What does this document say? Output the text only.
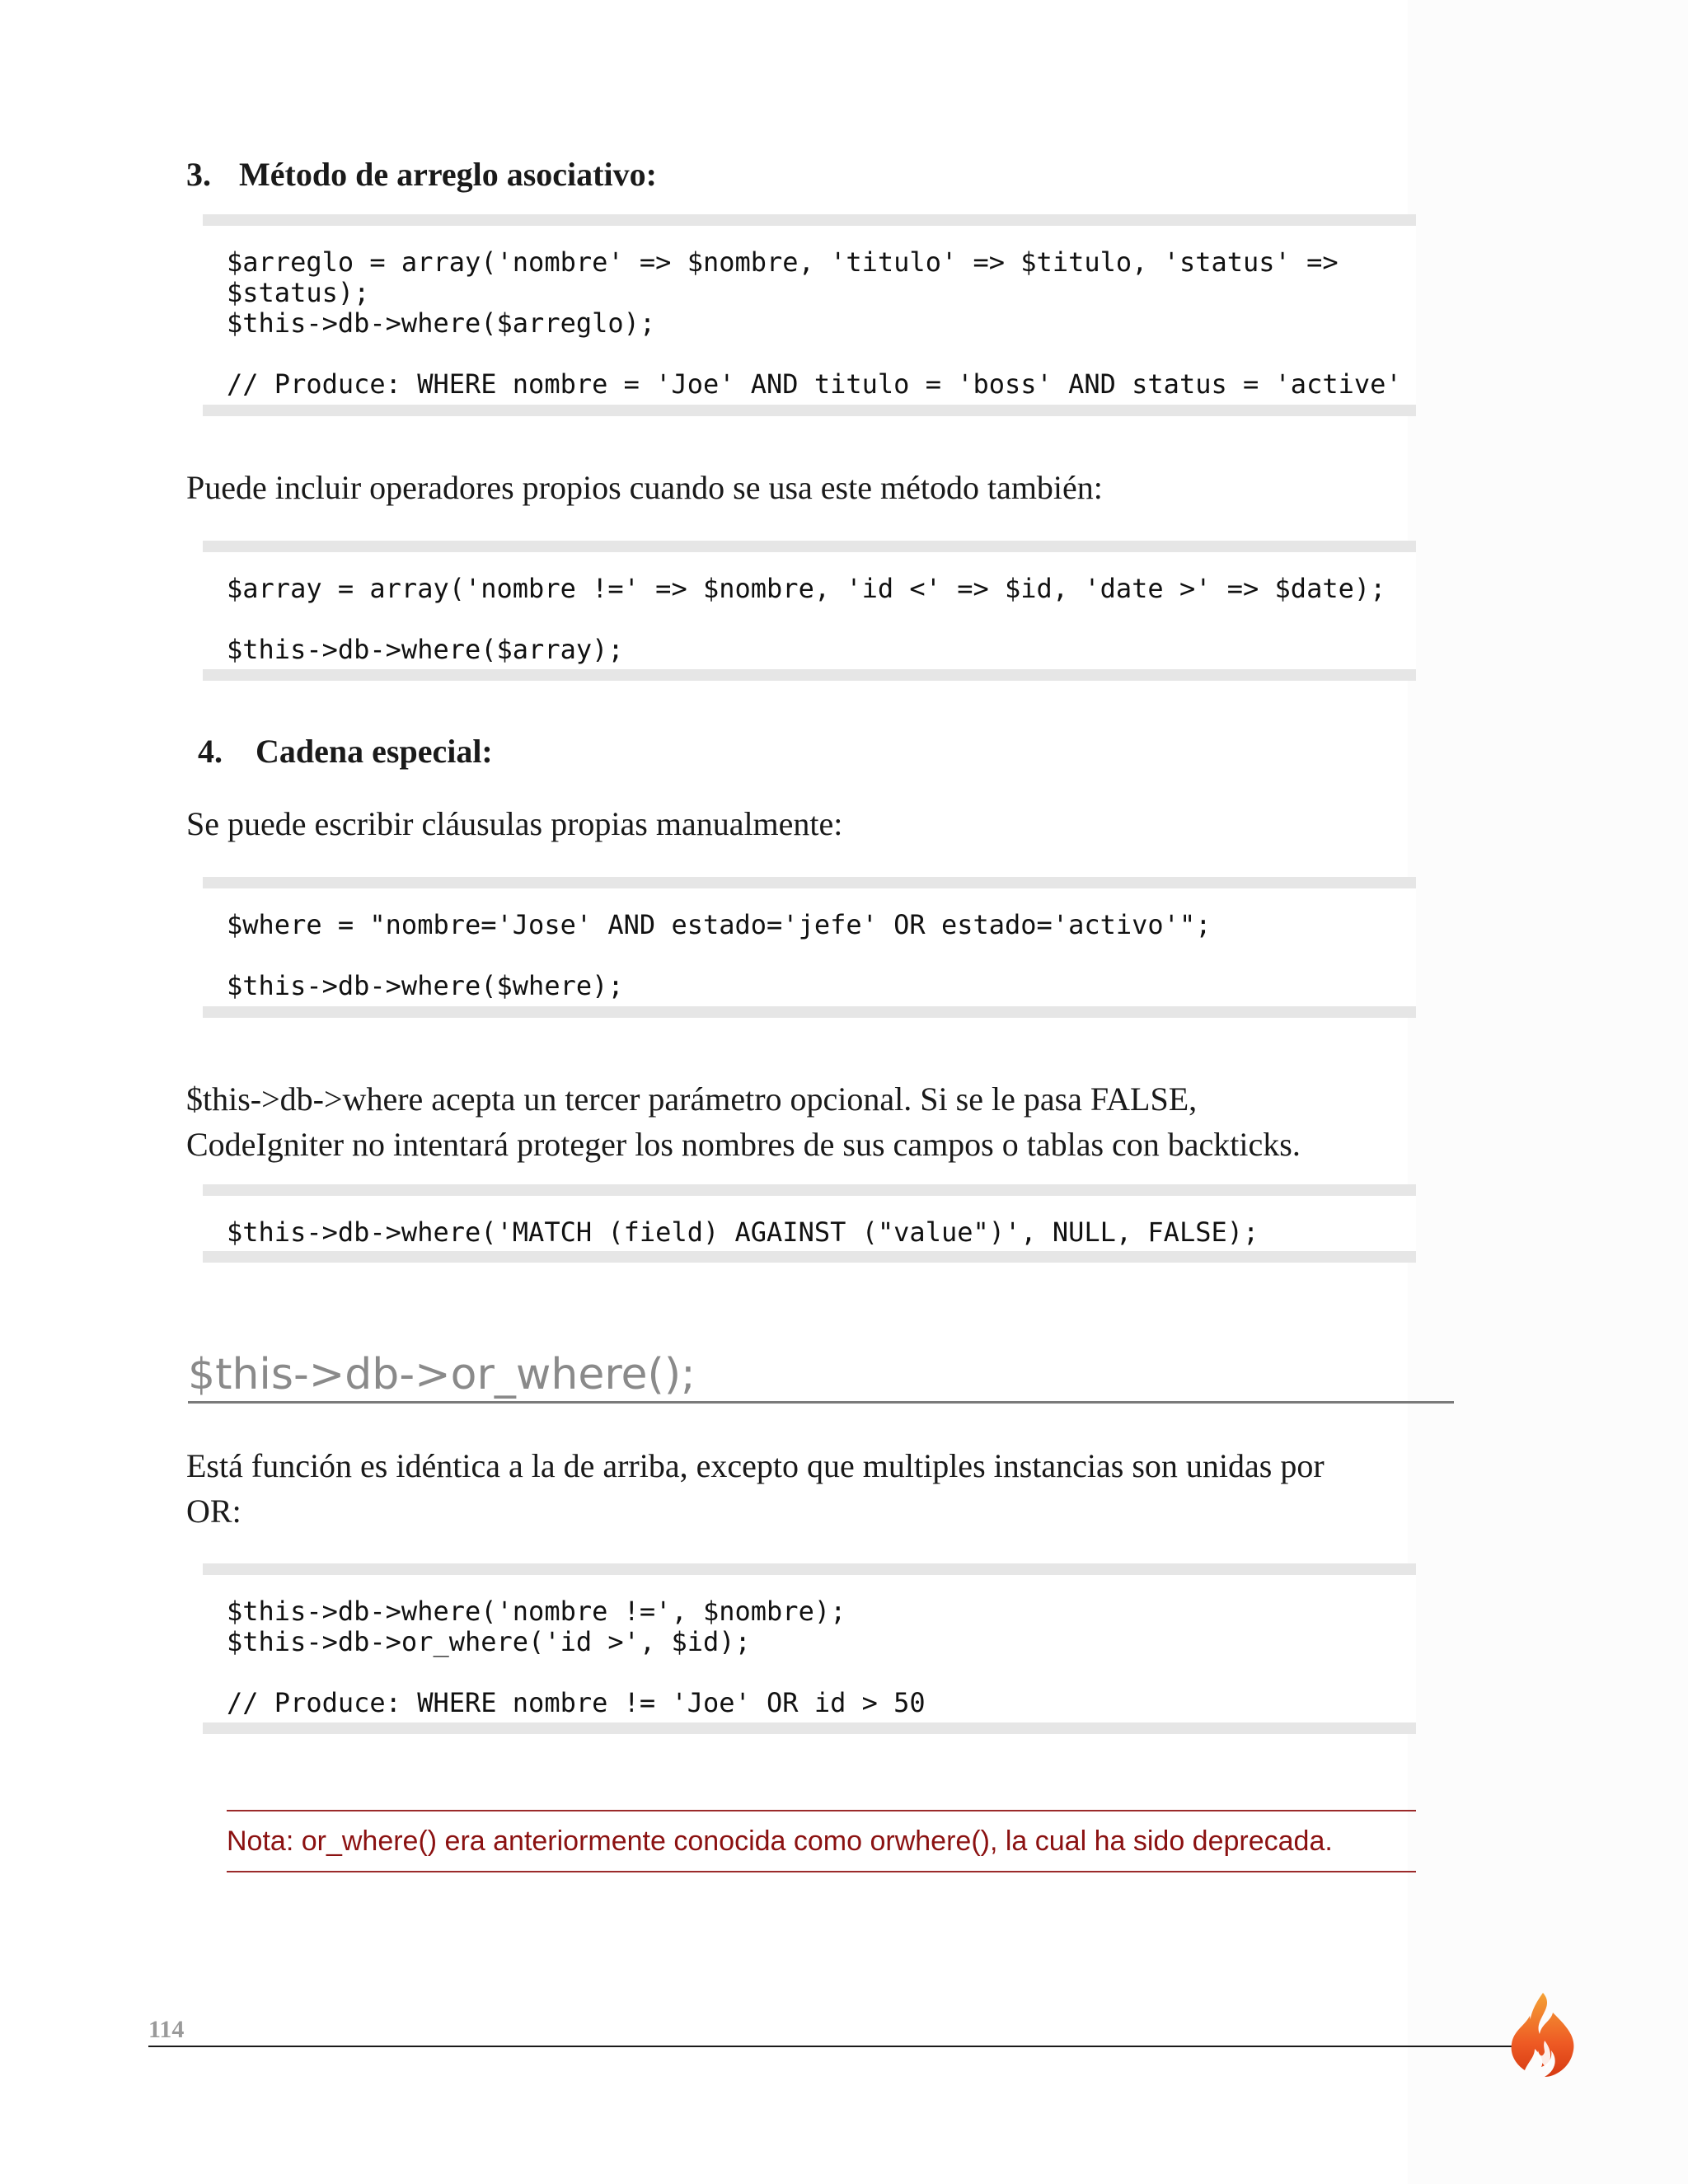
3. Método de arreglo asociativo:
$arreglo = array('nombre' => $nombre, 'titulo' => $titulo, 'status' =>
$status);
$this->db->where($arreglo);
// Produce: WHERE nombre = 'Joe' AND titulo = 'boss' AND status = 'active'
Puede incluir operadores propios cuando se usa este método también:
$array = array('nombre !=' => $nombre, 'id <' => $id, 'date >' => $date);
$this->db->where($array);
4. Cadena especial:
Se puede escribir cláusulas propias manualmente:
$where = "nombre='Jose' AND estado='jefe' OR estado='activo'";
$this->db->where($where);
$this->db->where acepta un tercer parámetro opcional. Si se le pasa FALSE,
CodeIgniter no intentará proteger los nombres de sus campos o tablas con backticks.
$this->db->where('MATCH (field) AGAINST ("value")', NULL, FALSE);
$this->db->or_where();
Está función es idéntica a la de arriba, excepto que multiples instancias son unidas por
OR:
$this->db->where('nombre !=', $nombre);
$this->db->or_where('id >', $id);
// Produce: WHERE nombre != 'Joe' OR id > 50
Nota: or_where() era anteriormente conocida como orwhere(), la cual ha sido deprecada.
114
